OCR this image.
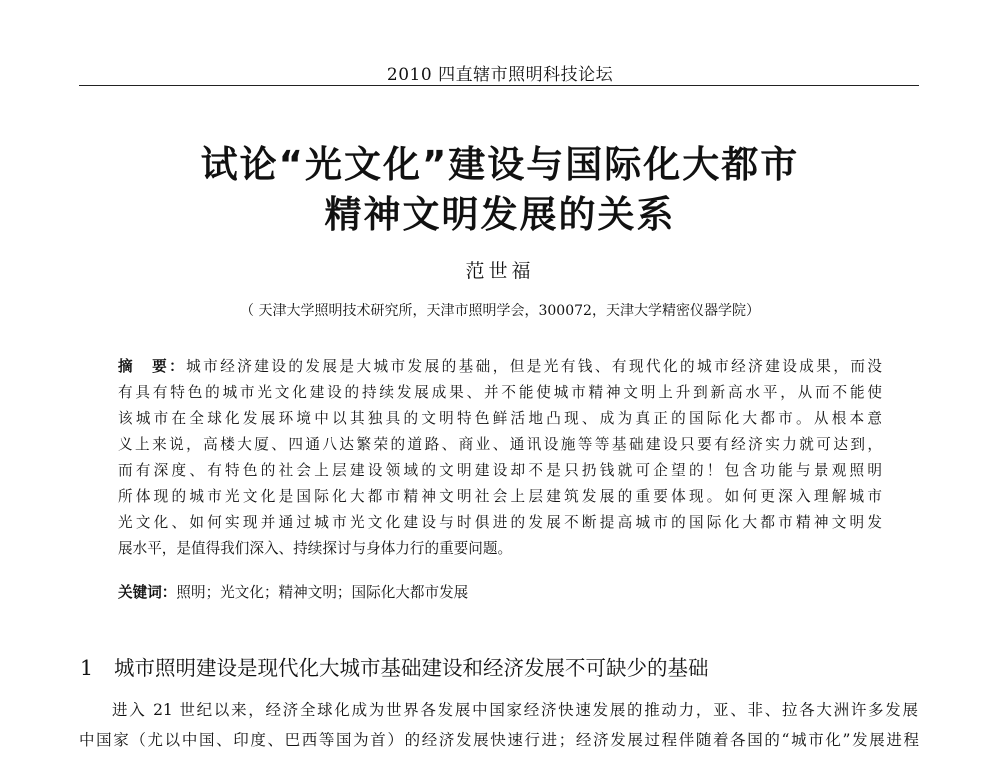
2010 四直辖市照明科技论坛
试论“光文化”建设与国际化大都市
精神文明发展的关系
范世福
（ 天津大学照明技术研究所，天津市照明学会，300072，天津大学精密仪器学院）
摘　要：城市经济建设的发展是大城市发展的基础，但是光有钱、有现代化的城市经济建设成果，而没
有具有特色的城市光文化建设的持续发展成果、并不能使城市精神文明上升到新高水平，从而不能使
该城市在全球化发展环境中以其独具的文明特色鲜活地凸现、成为真正的国际化大都市。从根本意
义上来说，高楼大厦、四通八达繁荣的道路、商业、通讯设施等等基础建设只要有经济实力就可达到，
而有深度、有特色的社会上层建设领域的文明建设却不是只扔钱就可企望的！包含功能与景观照明
所体现的城市光文化是国际化大都市精神文明社会上层建筑发展的重要体现。如何更深入理解城市
光文化、如何实现并通过城市光文化建设与时俱进的发展不断提高城市的国际化大都市精神文明发
展水平，是值得我们深入、持续探讨与身体力行的重要问题。
关键词：照明；光文化；精神文明；国际化大都市发展
1 城市照明建设是现代化大城市基础建设和经济发展不可缺少的基础
进入 21 世纪以来，经济全球化成为世界各发展中国家经济快速发展的推动力，亚、非、拉各大洲许多发展
中国家（尤以中国、印度、巴西等国为首）的经济发展快速行进；经济发展过程伴随着各国的“城市化”发展进程
